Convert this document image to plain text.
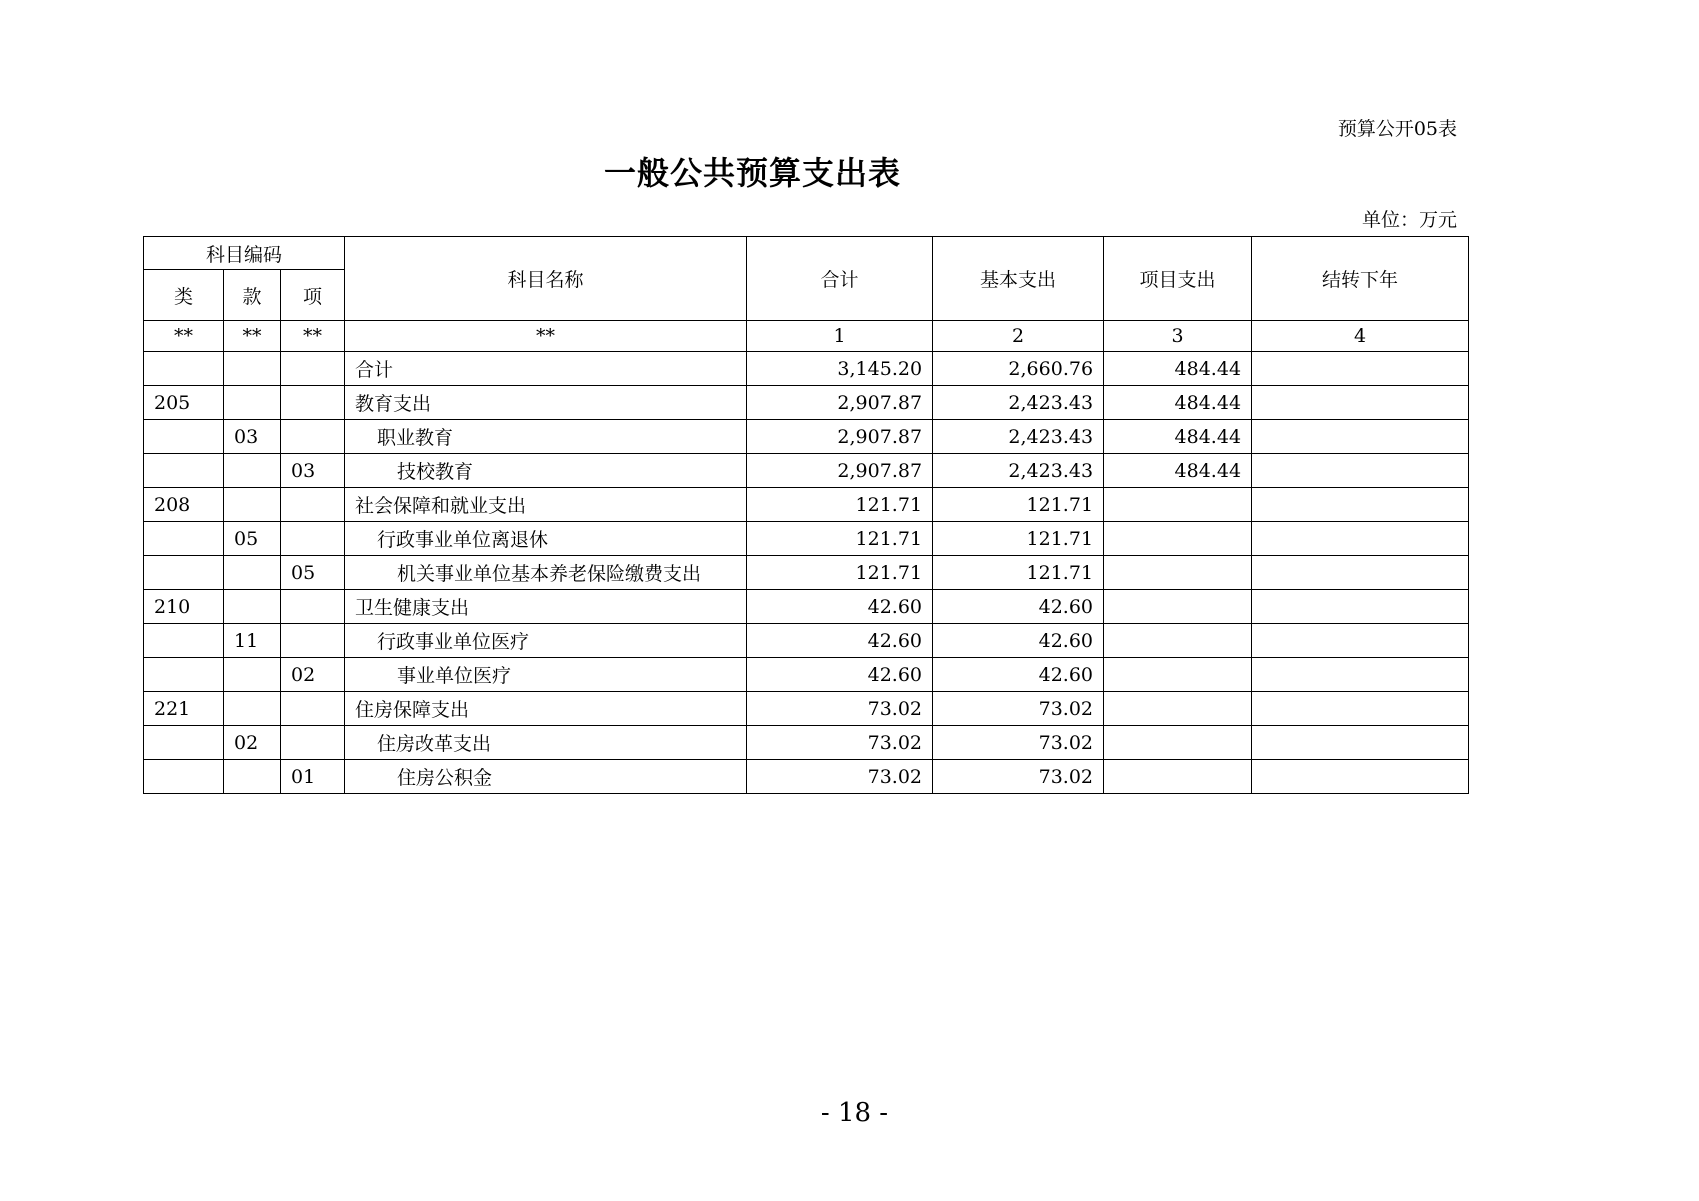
预算公开05表
一般公共预算支出表
单位：万元
科目编码			科目名称	合计	基本支出	项目支出	结转下年
类	款	项					
**	**	**	**	1	2	3	4
			合计	3,145.20	2,660.76	484.44	
205			教育支出	2,907.87	2,423.43	484.44	
	03		职业教育	2,907.87	2,423.43	484.44	
		03	技校教育	2,907.87	2,423.43	484.44	
208			社会保障和就业支出	121.71	121.71		
	05		行政事业单位离退休	121.71	121.71		
		05	机关事业单位基本养老保险缴费支出	121.71	121.71		
210			卫生健康支出	42.60	42.60		
	11		行政事业单位医疗	42.60	42.60		
		02	事业单位医疗	42.60	42.60		
221			住房保障支出	73.02	73.02		
	02		住房改革支出	73.02	73.02		
		01	住房公积金	73.02	73.02		
- 18 -
